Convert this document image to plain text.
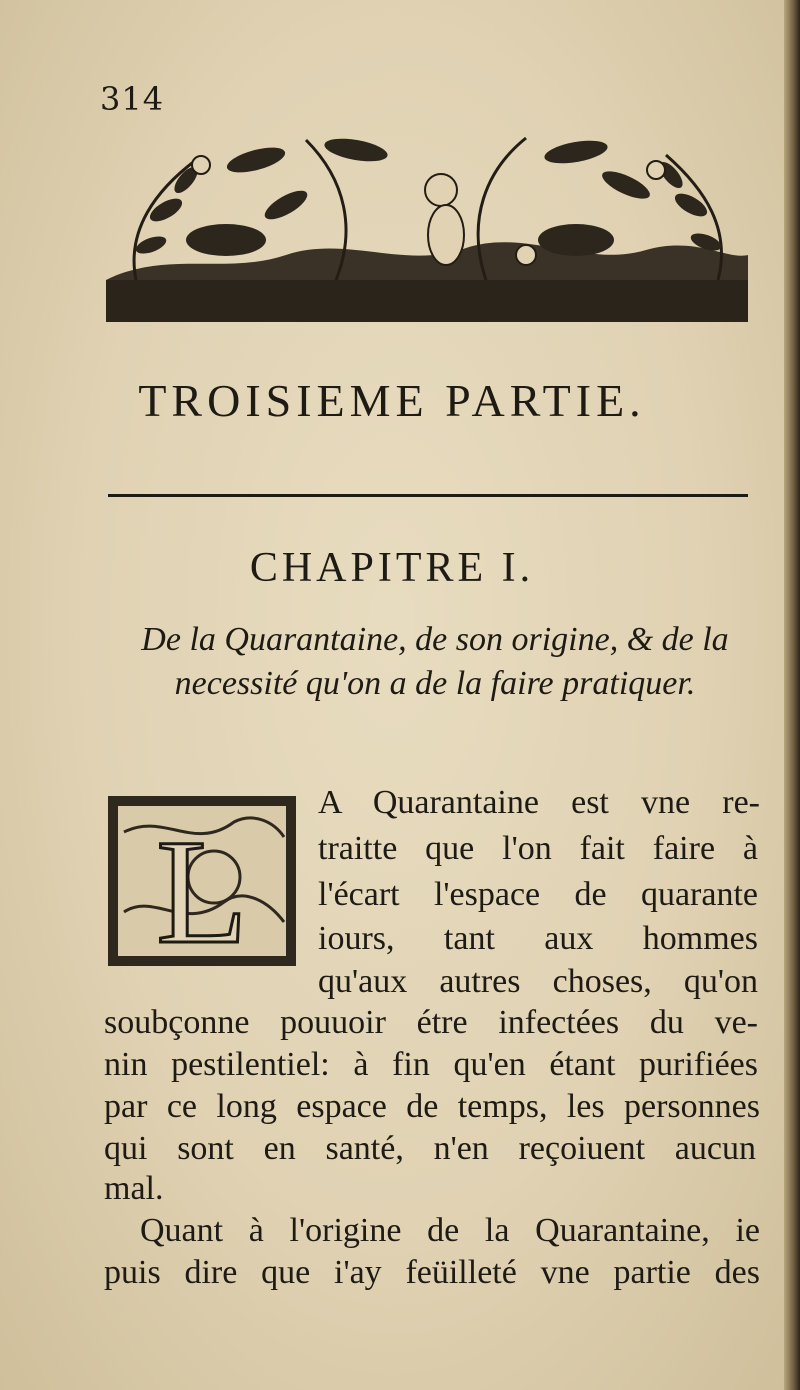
314
TROISIEME PARTIE.
CHAPITRE I.
De la Quarantaine, de son origine, & de la necessité qu'on a de la faire pratiquer.
L
A Quarantaine est vne re-
traitte que l'on fait faire à
l'écart l'espace de quarante
iours, tant aux hommes
qu'aux autres choses, qu'on
soubçonne pouuoir étre infectées du ve-
nin pestilentiel: à fin qu'en étant purifiées
par ce long espace de temps, les personnes
qui sont en santé, n'en reçoiuent aucun
mal.
Quant à l'origine de la Quarantaine, ie
puis dire que i'ay feüilleté vne partie des
